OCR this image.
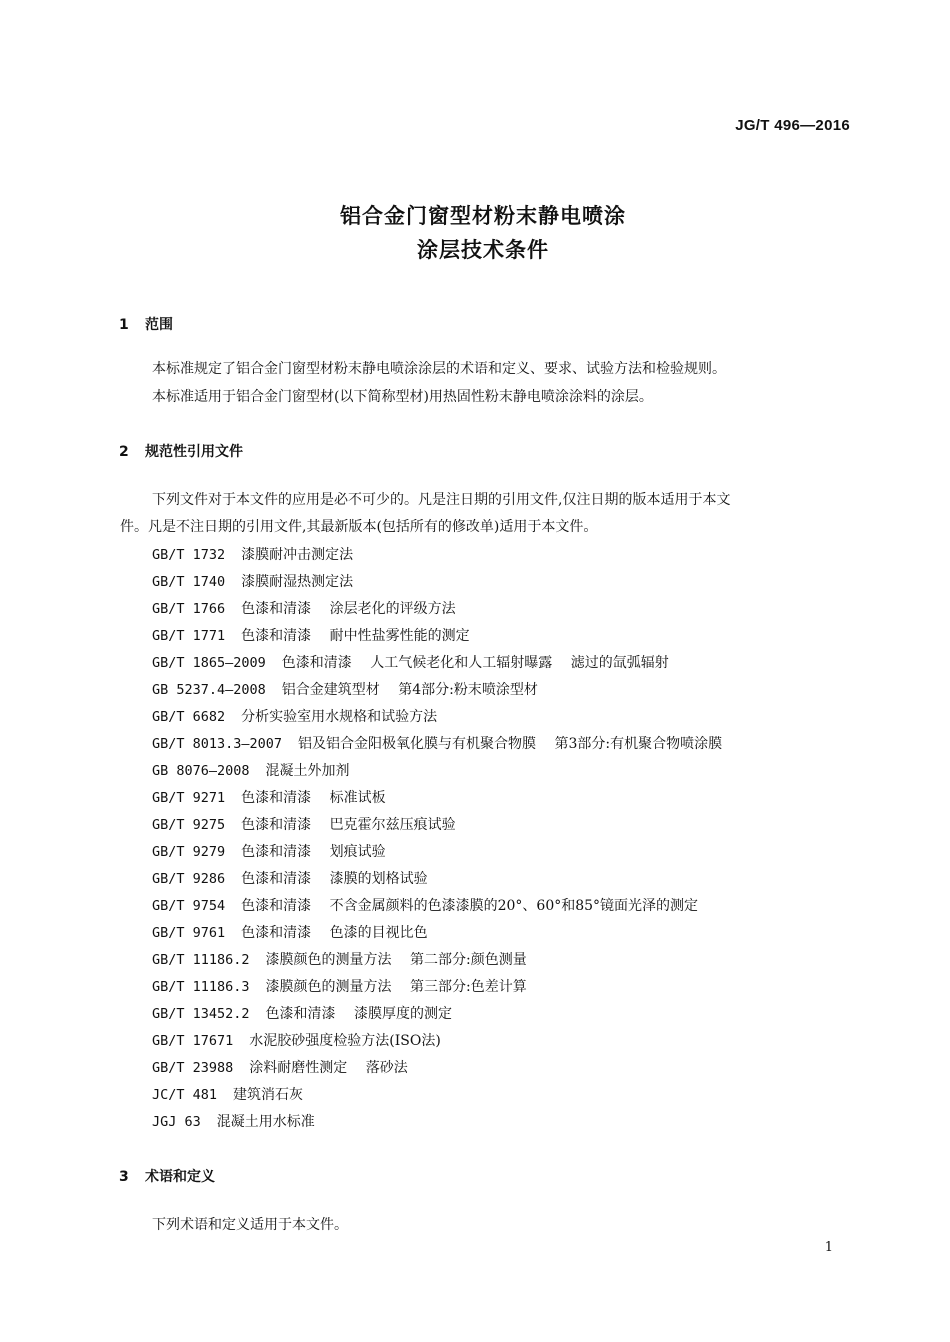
JG/T 496—2016
铝合金门窗型材粉末静电喷涂
涂层技术条件
1 范围
本标准规定了铝合金门窗型材粉末静电喷涂涂层的术语和定义、要求、试验方法和检验规则。
本标准适用于铝合金门窗型材(以下简称型材)用热固性粉末静电喷涂涂料的涂层。
2 规范性引用文件
下列文件对于本文件的应用是必不可少的。凡是注日期的引用文件,仅注日期的版本适用于本文
件。凡是不注日期的引用文件,其最新版本(包括所有的修改单)适用于本文件。
GB/T 1732 漆膜耐冲击测定法
GB/T 1740 漆膜耐湿热测定法
GB/T 1766 色漆和清漆 涂层老化的评级方法
GB/T 1771 色漆和清漆 耐中性盐雾性能的测定
GB/T 1865—2009 色漆和清漆 人工气候老化和人工辐射曝露 滤过的氙弧辐射
GB 5237.4—2008 铝合金建筑型材 第4部分:粉末喷涂型材
GB/T 6682 分析实验室用水规格和试验方法
GB/T 8013.3—2007 铝及铝合金阳极氧化膜与有机聚合物膜 第3部分:有机聚合物喷涂膜
GB 8076—2008 混凝土外加剂
GB/T 9271 色漆和清漆 标准试板
GB/T 9275 色漆和清漆 巴克霍尔兹压痕试验
GB/T 9279 色漆和清漆 划痕试验
GB/T 9286 色漆和清漆 漆膜的划格试验
GB/T 9754 色漆和清漆 不含金属颜料的色漆漆膜的20°、60°和85°镜面光泽的测定
GB/T 9761 色漆和清漆 色漆的目视比色
GB/T 11186.2 漆膜颜色的测量方法 第二部分:颜色测量
GB/T 11186.3 漆膜颜色的测量方法 第三部分:色差计算
GB/T 13452.2 色漆和清漆 漆膜厚度的测定
GB/T 17671 水泥胶砂强度检验方法(ISO法)
GB/T 23988 涂料耐磨性测定 落砂法
JC/T 481 建筑消石灰
JGJ 63 混凝土用水标准
3 术语和定义
下列术语和定义适用于本文件。
1
